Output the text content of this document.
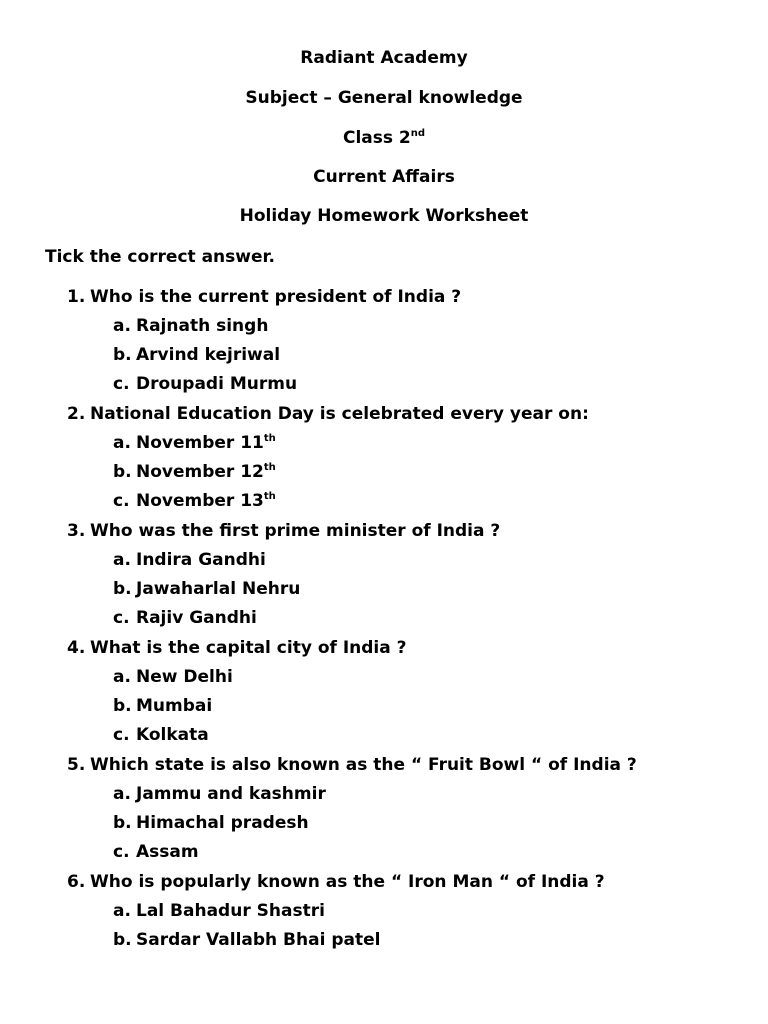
Radiant Academy
Subject – General knowledge
Class 2nd
Current Affairs
Holiday Homework Worksheet
Tick the correct answer.
1. Who is the current president of India ?
a. Rajnath singh
b. Arvind kejriwal
c. Droupadi Murmu
2. National Education Day is celebrated every year on:
a. November 11th
b. November 12th
c. November 13th
3. Who was the first prime minister of India ?
a. Indira Gandhi
b. Jawaharlal Nehru
c. Rajiv Gandhi
4. What is the capital city of India ?
a. New Delhi
b. Mumbai
c. Kolkata
5. Which state is also known as the “ Fruit Bowl “ of India ?
a. Jammu and kashmir
b. Himachal pradesh
c. Assam
6. Who is popularly known as the “ Iron Man “ of India ?
a. Lal Bahadur Shastri
b. Sardar Vallabh Bhai patel
